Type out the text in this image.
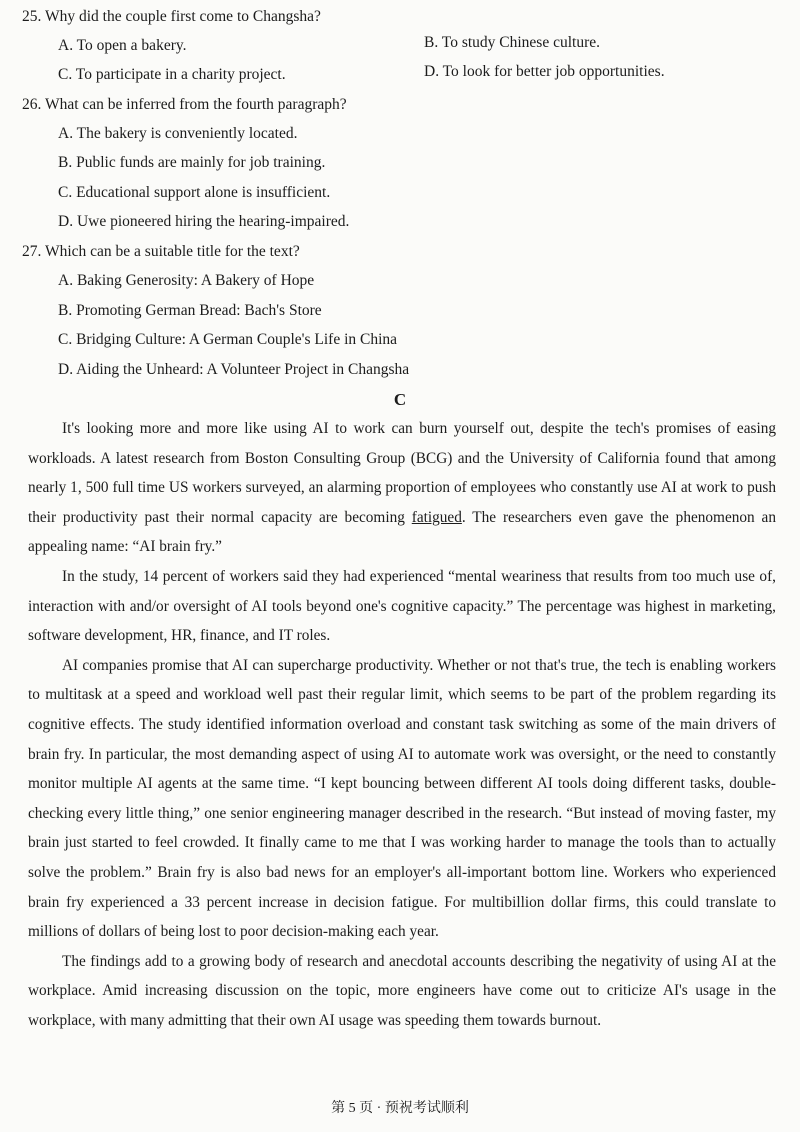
25. Why did the couple first come to Changsha?
A. To open a bakery.	B. To study Chinese culture.
C. To participate in a charity project.	D. To look for better job opportunities.
26. What can be inferred from the fourth paragraph?
A. The bakery is conveniently located.
B. Public funds are mainly for job training.
C. Educational support alone is insufficient.
D. Uwe pioneered hiring the hearing-impaired.
27. Which can be a suitable title for the text?
A. Baking Generosity: A Bakery of Hope
B. Promoting German Bread: Bach's Store
C. Bridging Culture: A German Couple's Life in China
D. Aiding the Unheard: A Volunteer Project in Changsha
C

It's looking more and more like using AI to work can burn yourself out, despite the tech's promises of easing workloads. A latest research from Boston Consulting Group (BCG) and the University of California found that among nearly 1, 500 full time US workers surveyed, an alarming proportion of employees who constantly use AI at work to push their productivity past their normal capacity are becoming fatigued. The researchers even gave the phenomenon an appealing name: “AI brain fry.”

In the study, 14 percent of workers said they had experienced “mental weariness that results from too much use of, interaction with and/or oversight of AI tools beyond one's cognitive capacity.” The percentage was highest in marketing, software development, HR, finance, and IT roles.

AI companies promise that AI can supercharge productivity. Whether or not that's true, the tech is enabling workers to multitask at a speed and workload well past their regular limit, which seems to be part of the problem regarding its cognitive effects. The study identified information overload and constant task switching as some of the main drivers of brain fry. In particular, the most demanding aspect of using AI to automate work was oversight, or the need to constantly monitor multiple AI agents at the same time. “I kept bouncing between different AI tools doing different tasks, double-checking every little thing,” one senior engineering manager described in the research. “But instead of moving faster, my brain just started to feel crowded. It finally came to me that I was working harder to manage the tools than to actually solve the problem.” Brain fry is also bad news for an employer's all-important bottom line. Workers who experienced brain fry experienced a 33 percent increase in decision fatigue. For multibillion dollar firms, this could translate to millions of dollars of being lost to poor decision-making each year.

The findings add to a growing body of research and anecdotal accounts describing the negativity of using AI at the workplace. Amid increasing discussion on the topic, more engineers have come out to criticize AI's usage in the workplace, with many admitting that their own AI usage was speeding them towards burnout.

第 5 页 · 预祝考试顺利
